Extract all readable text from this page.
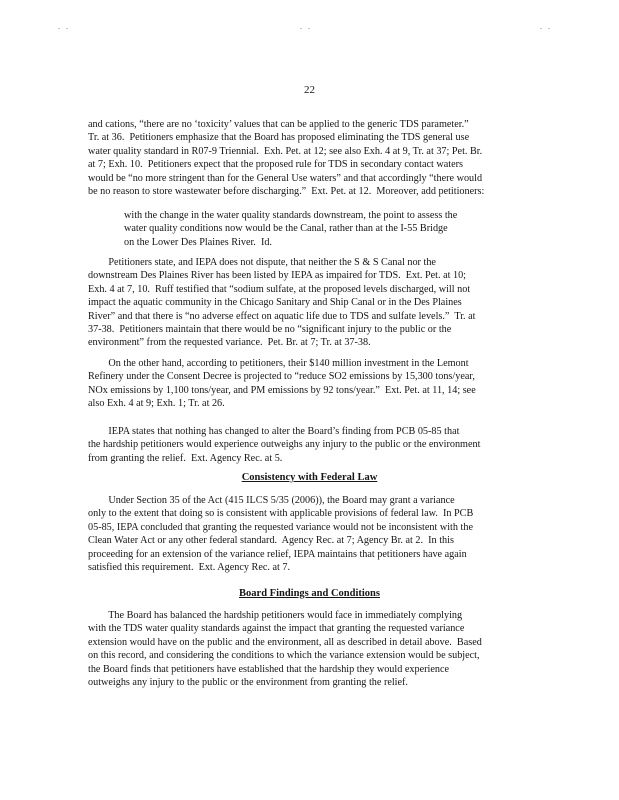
. .	. .	. .
22
and cations, “there are no ‘toxicity’ values that can be applied to the generic TDS parameter.”
Tr. at 36.  Petitioners emphasize that the Board has proposed eliminating the TDS general use
water quality standard in R07-9 Triennial.  Exh. Pet. at 12; see also Exh. 4 at 9, Tr. at 37; Pet. Br.
at 7; Exh. 10.  Petitioners expect that the proposed rule for TDS in secondary contact waters
would be “no more stringent than for the General Use waters” and that accordingly “there would
be no reason to store wastewater before discharging.”  Ext. Pet. at 12.  Moreover, add petitioners:
with the change in the water quality standards downstream, the point to assess the
water quality conditions now would be the Canal, rather than at the I-55 Bridge
on the Lower Des Plaines River.  Id.
Petitioners state, and IEPA does not dispute, that neither the S & S Canal nor the
downstream Des Plaines River has been listed by IEPA as impaired for TDS.  Ext. Pet. at 10;
Exh. 4 at 7, 10.  Ruff testified that “sodium sulfate, at the proposed levels discharged, will not
impact the aquatic community in the Chicago Sanitary and Ship Canal or in the Des Plaines
River” and that there is “no adverse effect on aquatic life due to TDS and sulfate levels.”  Tr. at
37-38.  Petitioners maintain that there would be no “significant injury to the public or the
environment” from the requested variance.  Pet. Br. at 7; Tr. at 37-38.
On the other hand, according to petitioners, their $140 million investment in the Lemont
Refinery under the Consent Decree is projected to “reduce SO2 emissions by 15,300 tons/year,
NOx emissions by 1,100 tons/year, and PM emissions by 92 tons/year.”  Ext. Pet. at 11, 14; see
also Exh. 4 at 9; Exh. 1; Tr. at 26.
IEPA states that nothing has changed to alter the Board’s finding from PCB 05-85 that
the hardship petitioners would experience outweighs any injury to the public or the environment
from granting the relief.  Ext. Agency Rec. at 5.
Consistency with Federal Law
Under Section 35 of the Act (415 ILCS 5/35 (2006)), the Board may grant a variance
only to the extent that doing so is consistent with applicable provisions of federal law.  In PCB
05-85, IEPA concluded that granting the requested variance would not be inconsistent with the
Clean Water Act or any other federal standard.  Agency Rec. at 7; Agency Br. at 2.  In this
proceeding for an extension of the variance relief, IEPA maintains that petitioners have again
satisfied this requirement.  Ext. Agency Rec. at 7.
Board Findings and Conditions
The Board has balanced the hardship petitioners would face in immediately complying
with the TDS water quality standards against the impact that granting the requested variance
extension would have on the public and the environment, all as described in detail above.  Based
on this record, and considering the conditions to which the variance extension would be subject,
the Board finds that petitioners have established that the hardship they would experience
outweighs any injury to the public or the environment from granting the relief.
